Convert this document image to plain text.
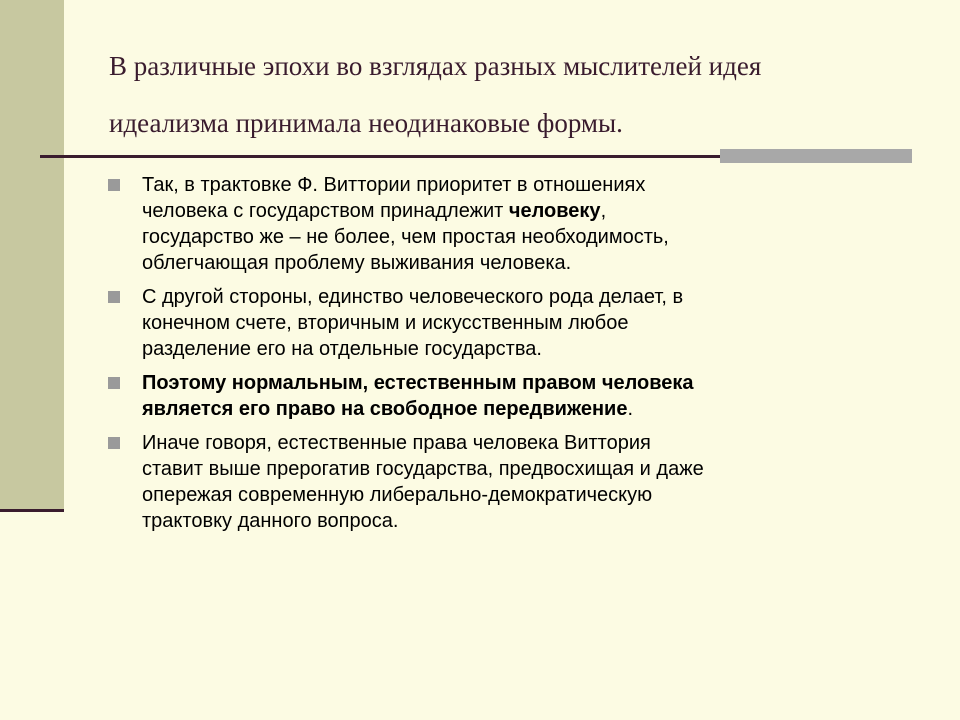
В различные эпохи во взглядах разных мыслителей идея
идеализма принимала неодинаковые формы.
Так, в трактовке Ф. Виттории приоритет в отношениях
человека с государством принадлежит человеку,
государство же – не более, чем простая необходимость,
облегчающая проблему выживания человека.
С другой стороны, единство человеческого рода делает, в
конечном счете, вторичным и искусственным любое
разделение его на отдельные государства.
Поэтому нормальным, естественным правом человека
является его право на свободное передвижение.
Иначе говоря, естественные права человека Виттория
ставит выше прерогатив государства, предвосхищая и даже
опережая современную либерально-демократическую
трактовку данного вопроса.
